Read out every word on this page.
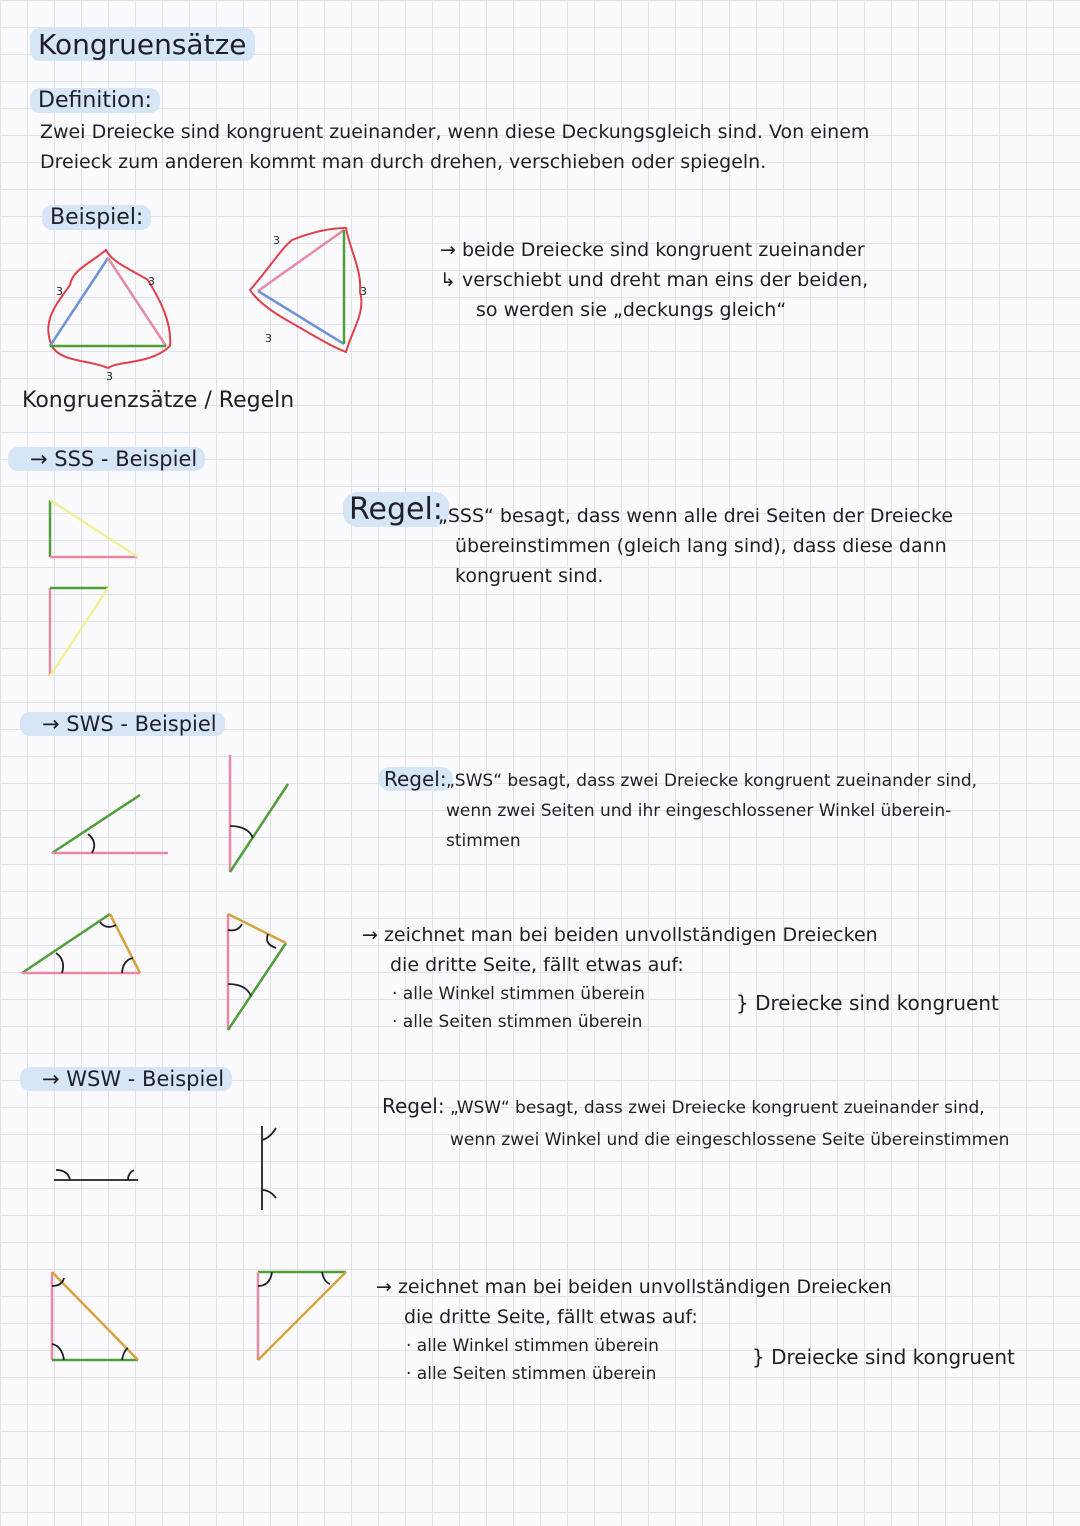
Kongruensätze
Definition:
Zwei Dreiecke sind kongruent zueinander, wenn diese Deckungsgleich sind. Von einem
Dreieck zum anderen kommt man durch drehen, verschieben oder spiegeln.
Beispiel:
3
3
3
3
3
3
→ beide Dreiecke sind kongruent zueinander
↳ verschiebt und dreht man eins der beiden,
so werden sie „deckungs gleich“
Kongruenzsätze / Regeln
→ SSS - Beispiel
Regel:
„SSS“ besagt, dass wenn alle drei Seiten der Dreiecke
übereinstimmen (gleich lang sind), dass diese dann
kongruent sind.
→ SWS - Beispiel
Regel: „SWS“ besagt, dass zwei Dreiecke kongruent zueinander sind,
wenn zwei Seiten und ihr eingeschlossener Winkel überein-
stimmen
→ zeichnet man bei beiden unvollständigen Dreiecken
die dritte Seite, fällt etwas auf:
· alle Winkel stimmen überein
· alle Seiten stimmen überein
} Dreiecke sind kongruent
→ WSW - Beispiel
Regel: „WSW“ besagt, dass zwei Dreiecke kongruent zueinander sind,
wenn zwei Winkel und die eingeschlossene Seite übereinstimmen
→ zeichnet man bei beiden unvollständigen Dreiecken
die dritte Seite, fällt etwas auf:
· alle Winkel stimmen überein
· alle Seiten stimmen überein
} Dreiecke sind kongruent
